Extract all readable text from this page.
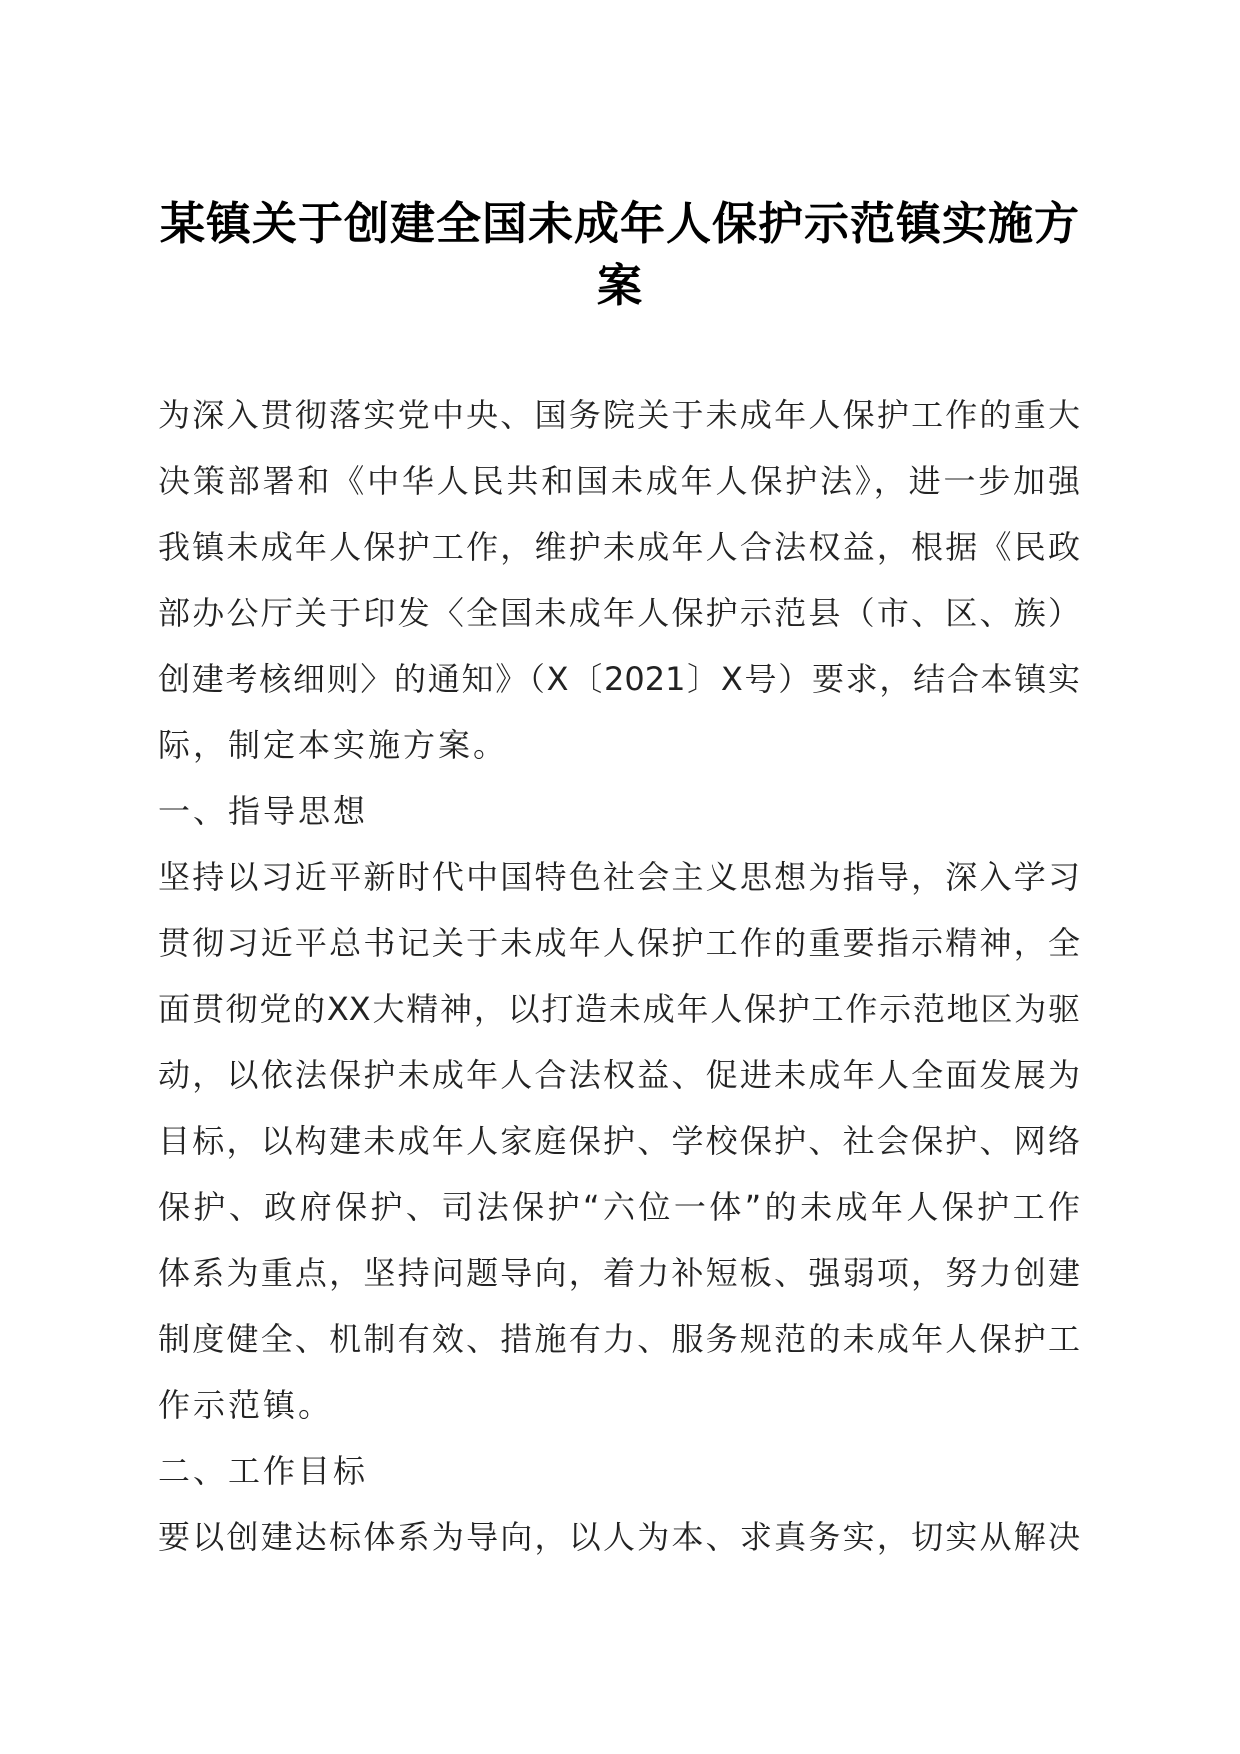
某镇关于创建全国未成年人保护示范镇实施方
案

为深入贯彻落实党中央、国务院关于未成年人保护工作的重大
决策部署和《中华人民共和国未成年人保护法》，进一步加强
我镇未成年人保护工作，维护未成年人合法权益，根据《民政
部办公厅关于印发〈全国未成年人保护示范县（市、区、族）
创建考核细则〉的通知》（X〔2021〕X号）要求，结合本镇实
际，制定本实施方案。

一、指导思想

坚持以习近平新时代中国特色社会主义思想为指导，深入学习
贯彻习近平总书记关于未成年人保护工作的重要指示精神，全
面贯彻党的XX大精神，以打造未成年人保护工作示范地区为驱
动，以依法保护未成年人合法权益、促进未成年人全面发展为
目标，以构建未成年人家庭保护、学校保护、社会保护、网络
保护、政府保护、司法保护“六位一体”的未成年人保护工作
体系为重点，坚持问题导向，着力补短板、强弱项，努力创建
制度健全、机制有效、措施有力、服务规范的未成年人保护工
作示范镇。

二、工作目标

要以创建达标体系为导向，以人为本、求真务实，切实从解决
